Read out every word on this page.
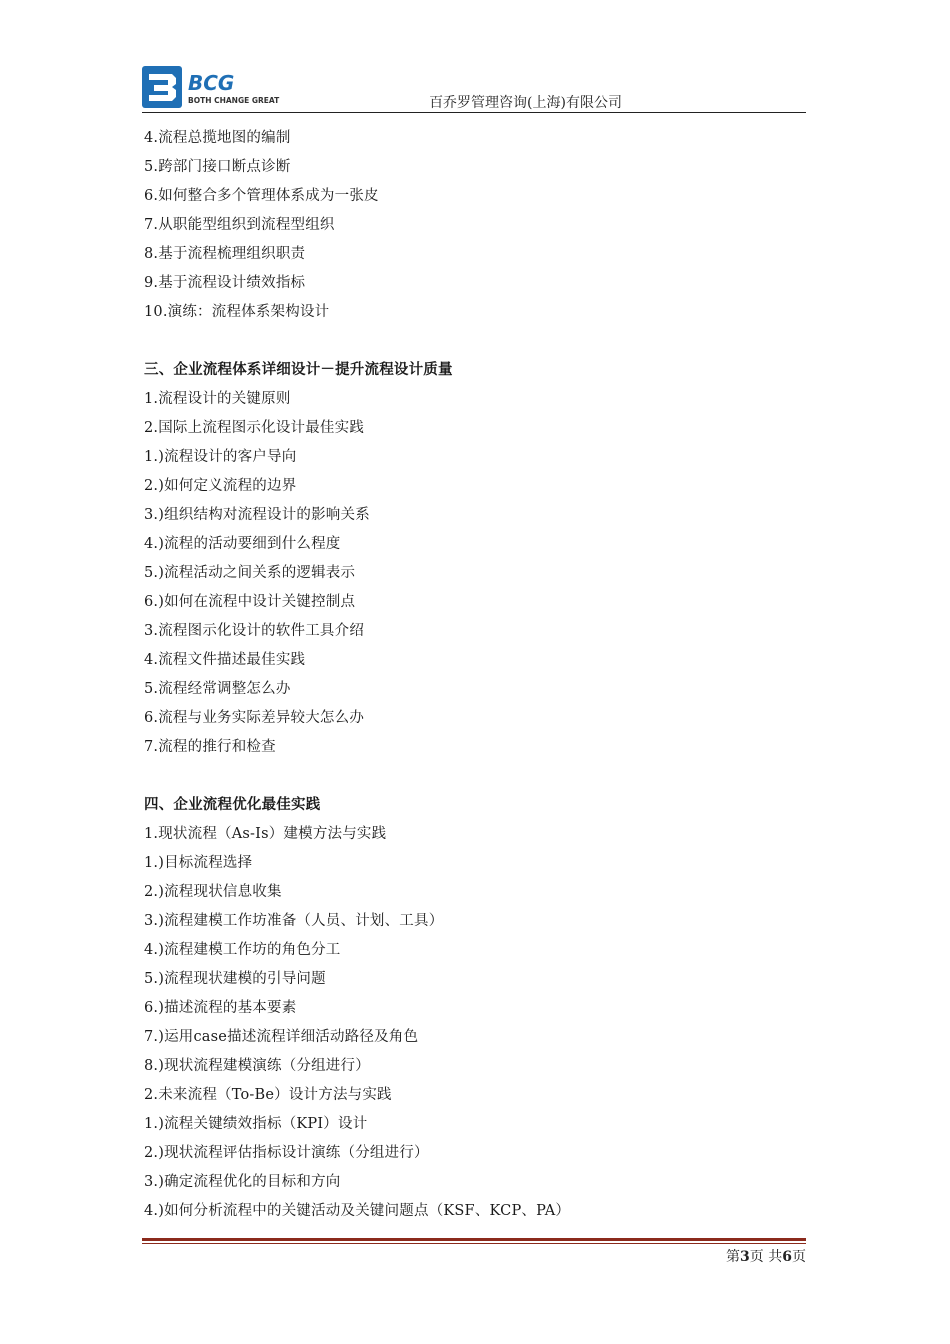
BCG
BOTH CHANGE GREAT	百乔罗管理咨询(上海)有限公司
4.流程总揽地图的编制
5.跨部门接口断点诊断
6.如何整合多个管理体系成为一张皮
7.从职能型组织到流程型组织
8.基于流程梳理组织职责
9.基于流程设计绩效指标
10.演练：流程体系架构设计
三、企业流程体系详细设计－提升流程设计质量
1.流程设计的关键原则
2.国际上流程图示化设计最佳实践
1.)流程设计的客户导向
2.)如何定义流程的边界
3.)组织结构对流程设计的影响关系
4.)流程的活动要细到什么程度
5.)流程活动之间关系的逻辑表示
6.)如何在流程中设计关键控制点
3.流程图示化设计的软件工具介绍
4.流程文件描述最佳实践
5.流程经常调整怎么办
6.流程与业务实际差异较大怎么办
7.流程的推行和检查
四、企业流程优化最佳实践
1.现状流程（As-Is）建模方法与实践
1.)目标流程选择
2.)流程现状信息收集
3.)流程建模工作坊准备（人员、计划、工具）
4.)流程建模工作坊的角色分工
5.)流程现状建模的引导问题
6.)描述流程的基本要素
7.)运用case描述流程详细活动路径及角色
8.)现状流程建模演练（分组进行）
2.未来流程（To-Be）设计方法与实践
1.)流程关键绩效指标（KPI）设计
2.)现状流程评估指标设计演练（分组进行）
3.)确定流程优化的目标和方向
4.)如何分析流程中的关键活动及关键问题点（KSF、KCP、PA）
第3页 共6页
